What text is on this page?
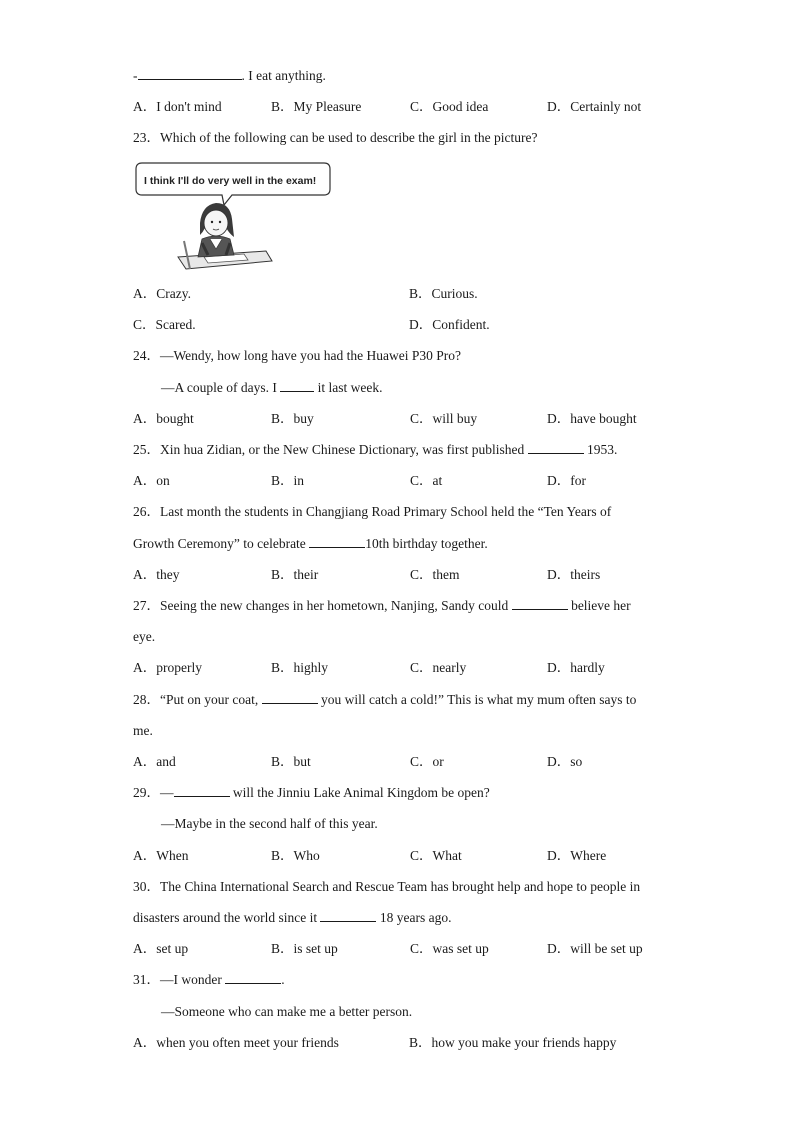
-	. I eat anything.
A．I don't mind	B．My Pleasure	C．Good idea	D．Certainly not
23．Which of the following can be used to describe the girl in the picture?
I think I'll do very well in the exam!
A．Crazy.	B．Curious.
C．Scared.	D．Confident.
24．—Wendy, how long have you had the Huawei P30 Pro?
—A couple of days. I	it last week.
A．bought	B．buy	C．will buy	D．have bought
25．Xin hua Zidian, or the New Chinese Dictionary, was first published	1953.
A．on	B．in	C．at	D．for
26．Last month the students in Changjiang Road Primary School held the “Ten Years of
Growth Ceremony” to celebrate	10th birthday together.
A．they	B．their	C．them	D．theirs
27．Seeing the new changes in her hometown, Nanjing, Sandy could	believe her
eye.
A．properly	B．highly	C．nearly	D．hardly
28．“Put on your coat,	you will catch a cold!” This is what my mum often says to
me.
A．and	B．but	C．or	D．so
29．—	will the Jinniu Lake Animal Kingdom be open?
—Maybe in the second half of this year.
A．When	B．Who	C．What	D．Where
30．The China International Search and Rescue Team has brought help and hope to people in
disasters around the world since it	18 years ago.
A．set up	B．is set up	C．was set up	D．will be set up
31．—I wonder	.
—Someone who can make me a better person.
A．when you often meet your friends	B．how you make your friends happy
